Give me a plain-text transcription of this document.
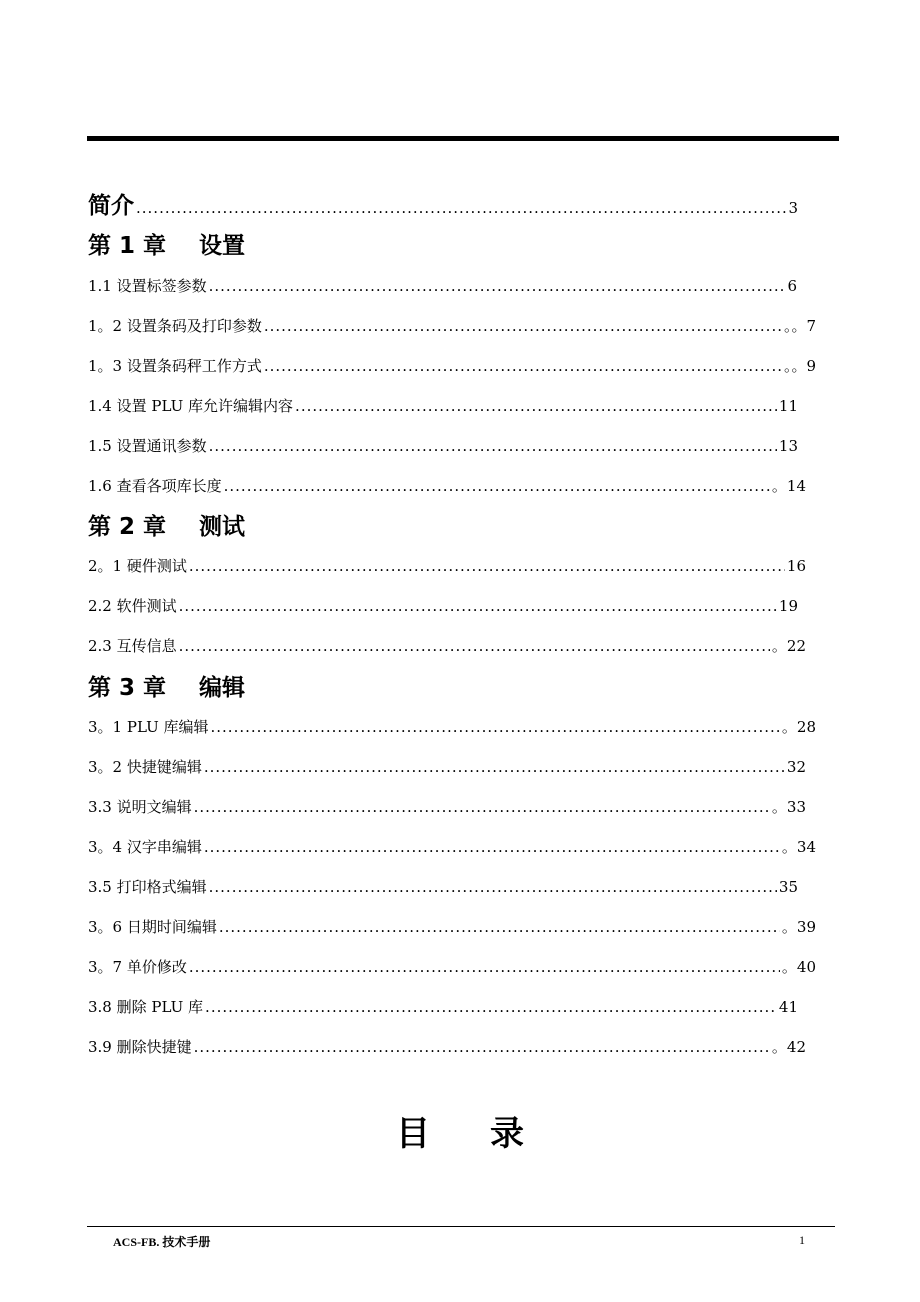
简介 .....	3
第 1 章 设置
1.1 设置标签参数 .....	6
1。2 设置条码及打印参数 .....	。。7
1。3 设置条码秤工作方式 .....	。。9
1.4 设置 PLU 库允许编辑内容 .....	11
1.5 设置通讯参数 .....	13
1.6 查看各项库长度 .....	。14
第 2 章 测试
2。1 硬件测试 .....	16
2.2 软件测试 .....	19
2.3 互传信息 .....	。22
第 3 章 编辑
3。1 PLU 库编辑 .....	。28
3。2 快捷键编辑 .....	32
3.3 说明文编辑 .....	。33
3。4 汉字串编辑 .....	。34
3.5 打印格式编辑 .....	35
3。6 日期时间编辑 .....	。39
3。7 单价修改 .....	。40
3.8 删除 PLU 库 .....	41
3.9 删除快捷键 .....	。42
目录
ACS-FB. 技术手册	1
